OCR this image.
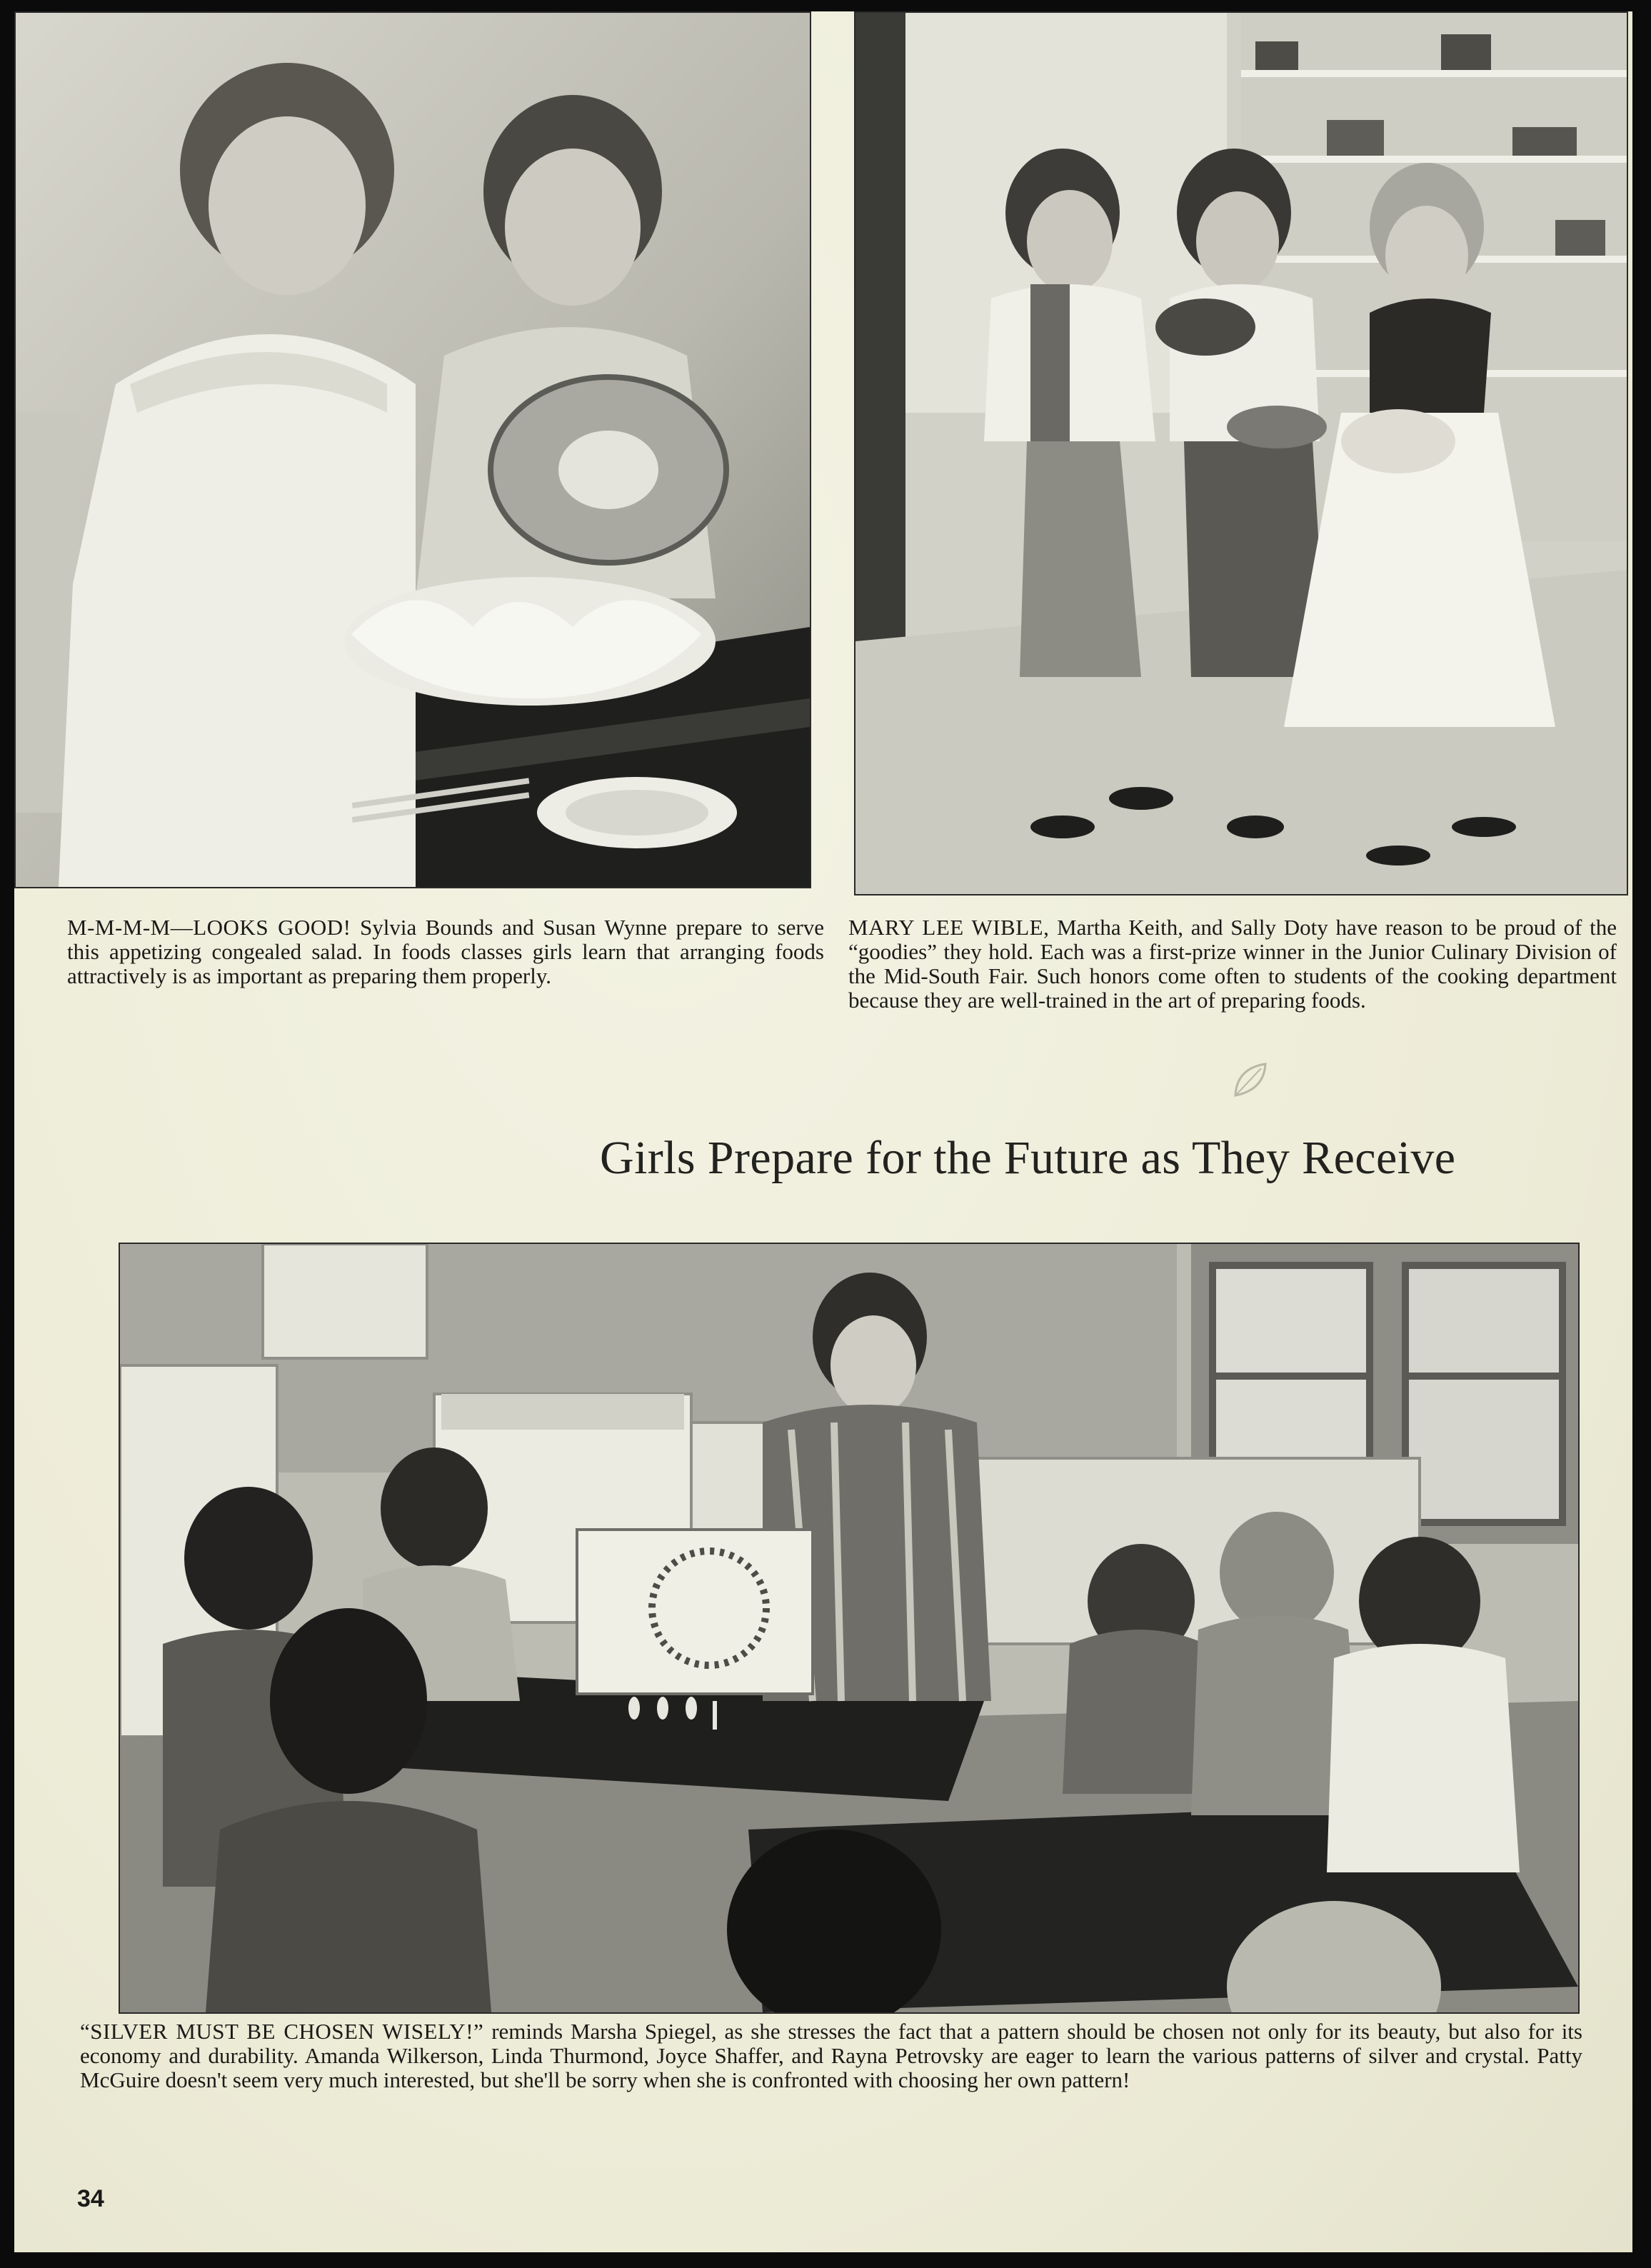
M-M-M-M—LOOKS GOOD! Sylvia Bounds and Susan Wynne prepare to serve this appetizing congealed salad. In foods classes girls learn that arranging foods attractively is as important as preparing them properly.
MARY LEE WIBLE, Martha Keith, and Sally Doty have reason to be proud of the “goodies” they hold. Each was a first-prize winner in the Junior Culinary Division of the Mid-South Fair. Such honors come often to students of the cooking department because they are well-trained in the art of preparing foods.
Girls Prepare for the Future as They Receive
“SILVER MUST BE CHOSEN WISELY!” reminds Marsha Spiegel, as she stresses the fact that a pattern should be chosen not only for its beauty, but also for its economy and durability. Amanda Wilkerson, Linda Thurmond, Joyce Shaffer, and Rayna Petrovsky are eager to learn the various patterns of silver and crystal. Patty McGuire doesn't seem very much interested, but she'll be sorry when she is confronted with choosing her own pattern!
34
